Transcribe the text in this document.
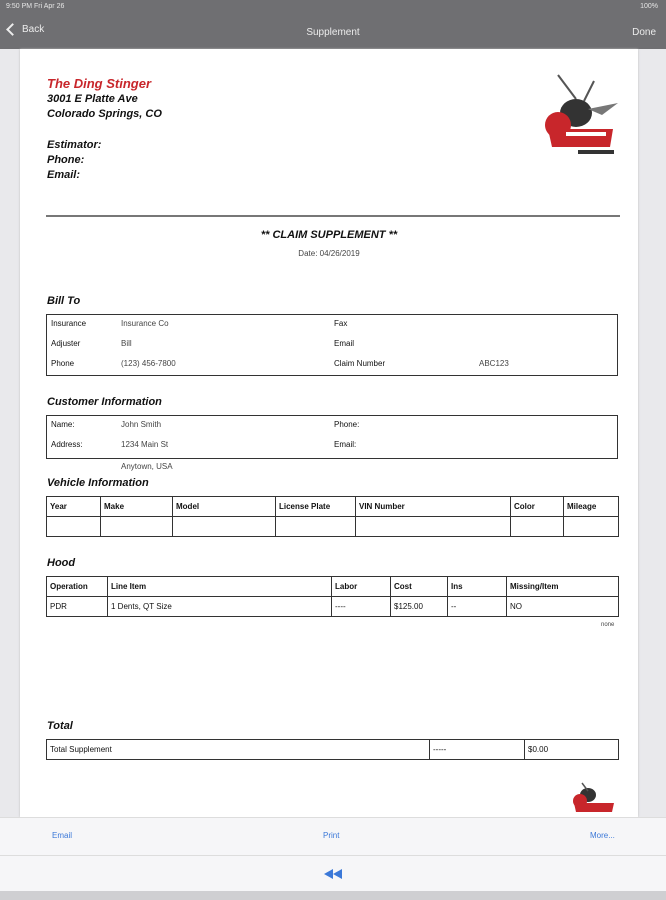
9:50 PM Fri Apr 26	100%
Back	Supplement	Done
The Ding Stinger
3001 E Platte Ave
Colorado Springs, CO
Estimator:
Phone:
Email:
** CLAIM SUPPLEMENT **
Date: 04/26/2019
Bill To
Insurance	Insurance Co	Fax
Adjuster	Bill	Email
Phone	(123) 456-7800	Claim Number	ABC123
Customer Information
Name:	John Smith	Phone:
Address:	1234 Main St	Email:
Anytown, USA
Vehicle Information
Year	Make	Model	License Plate	VIN Number	Color	Mileage

Hood
Operation	Line Item	Labor	Cost	Ins	Missing/Item
PDR	1 Dents, QT Size	----	$125.00	--	NO
none
Total
Total Supplement	-----	$0.00
Email	Print	More...
